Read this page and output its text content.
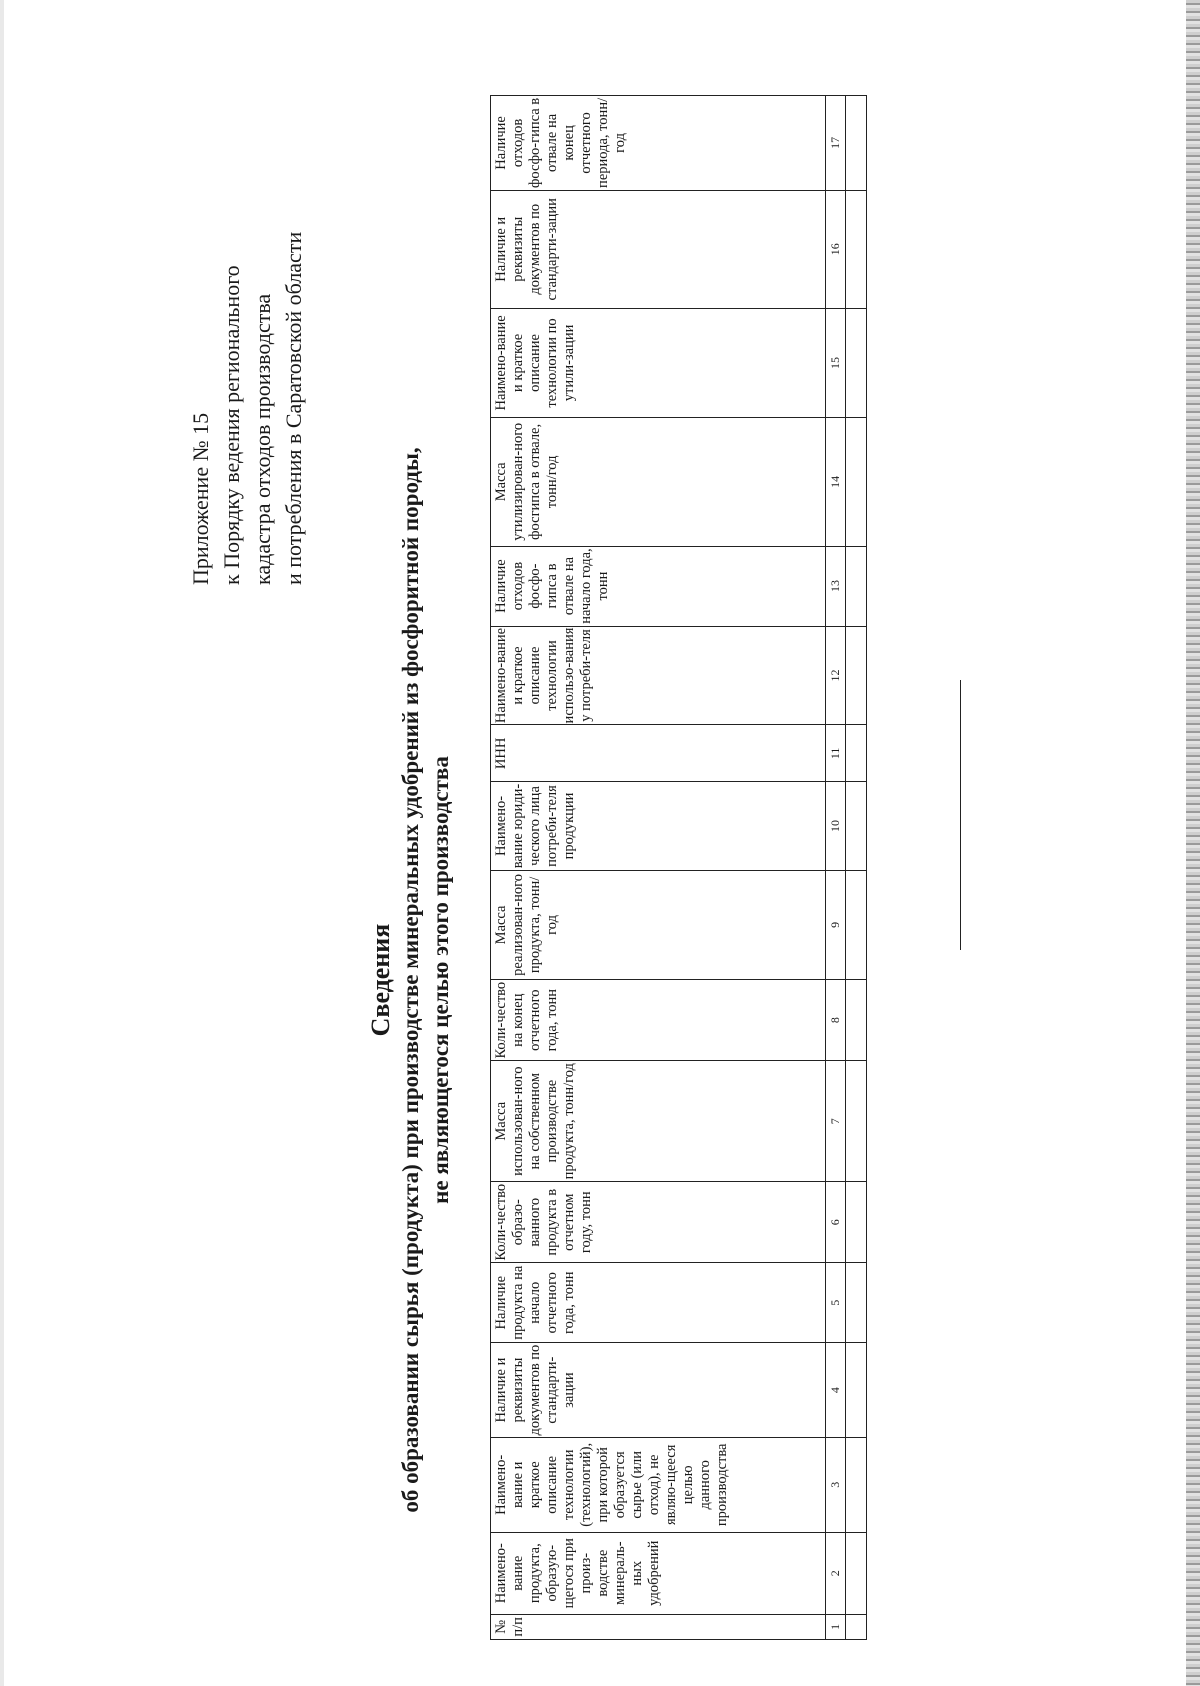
Приложение № 15 к Порядку ведения регионального кадастра отходов производства и потребления в Саратовской области
Сведения об образовании сырья (продукта) при производстве минеральных удобрений из фосфоритной породы, не являющегося целью этого производства
№ п/п	Наимено-вание продукта, образую-щегося при произ-водстве минераль-ных удобрений	Наимено-вание и краткое описание технологии (технологий), при которой образуется сырье (или отход), не являю-щееся целью данного производства	Наличие и реквизиты документов по стандарти-зации	Наличие продукта на начало отчетного года, тонн	Коли-чество образо-ванного продукта в отчетном году, тонн	Масса использован-ного на собственном производстве продукта, тонн/год	Коли-чество на конец отчетного года, тонн	Масса реализован-ного продукта, тонн/год	Наимено-вание юриди-ческого лица потреби-теля продукции	ИНН	Наимено-вание и краткое описание технологии использо-вания у потреби-теля	Наличие отходов фосфо-гипса в отвале на начало года, тонн	Масса утилизирован-ного фосгипса в отвале, тонн/год	Наимено-вание и краткое описание технологии по утили-зации	Наличие и реквизиты документов по стандарти-зации	Наличие отходов фосфо-гипса в отвале на конец отчетного периода, тонн/год
1	2	3	4	5	6	7	8	9	10	11	12	13	14	15	16	17
